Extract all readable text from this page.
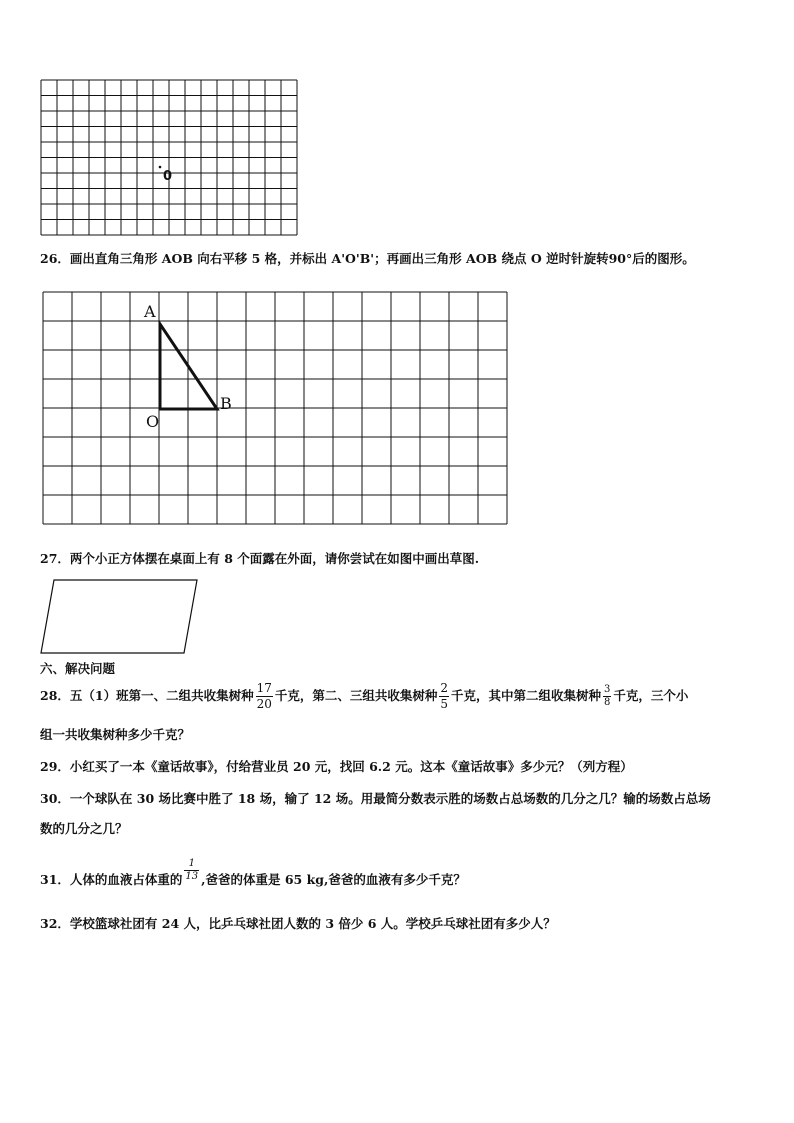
0
26．画出直角三角形 AOB 向右平移 5 格，并标出 A'O'B'；再画出三角形 AOB 绕点 O 逆时针旋转90°后的图形。
A
B
O
27．两个小正方体摆在桌面上有 8 个面露在外面，请你尝试在如图中画出草图.
六、解决问题
28．五（1）班第一、二组共收集树种 $\frac{17}{20}$ 千克，第二、三组共收集树种 $\frac{2}{5}$ 千克，其中第二组收集树种 $\frac{3}{8}$ 千克，三个小
组一共收集树种多少千克？
29．小红买了一本《童话故事》，付给营业员 20 元，找回 6.2 元。这本《童话故事》多少元？（列方程）
30．一个球队在 30 场比赛中胜了 18 场，输了 12 场。用最简分数表示胜的场数占总场数的几分之几？输的场数占总场
数的几分之几？
31．人体的血液占体重的 $\frac{1}{13}$ ,爸爸的体重是 65 kg,爸爸的血液有多少千克？
32．学校篮球社团有 24 人，比乒乓球社团人数的 3 倍少 6 人。学校乒乓球社团有多少人？
